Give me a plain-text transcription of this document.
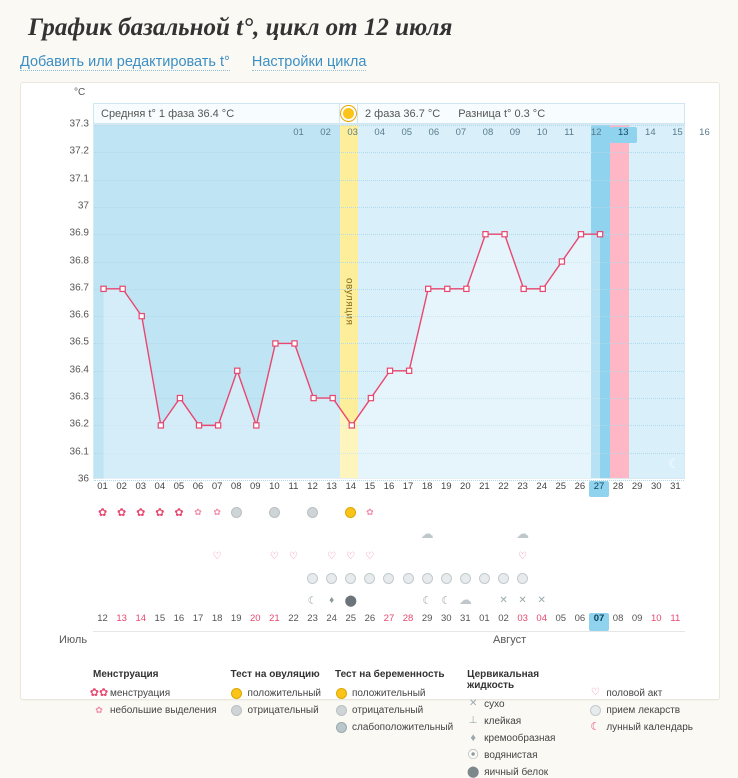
График базальной t°, цикл от 12 июля
Добавить или редактировать t° Настройки цикла
°C
Средняя t° 1 фаза 36.4 °C	2 фаза 36.7 °C Разница t° 0.3 °C
36
36.1
36.2
36.3
36.4
36.5
36.6
36.7
36.8
36.9
37
37.1
37.2
37.3
овуляция
☾
01	02	03	04	05	06	07	08	09	10	11	12	13	14	15	16
01 02 03 04 05 06 07 08 09 10 11 12 13 14 15 16 17 18 19 20 21 22 23 24 25 26 27 28 29 30 31
✿ ✿ ✿ ✿ ✿ ✿ ✿	✿
☁	☁
♡	♡ ♡	♡ ♡ ♡	♡
☾ ♦ ⬤	☾ ☾ ☁	✕ ✕ ✕
12 13 14 15 16 17 18 19 20 21 22 23 24 25 26 27 28 29 30 31 01 02 03 04 05 06 07 08 09 10 11
Июль	Август
Менструация
✿ ✿ менструация
✿ небольшие выделения
Тест на овуляцию
положительный
отрицательный
Тест на беременность
положительный
отрицательный
слабоположительный
Цервикальная жидкость
✕ сухо
⊥ клейкая
♦ кремообразная
⦿ водянистая
⬤ яичный белок

♡ половой акт
прием лекарств
☾ лунный календарь
